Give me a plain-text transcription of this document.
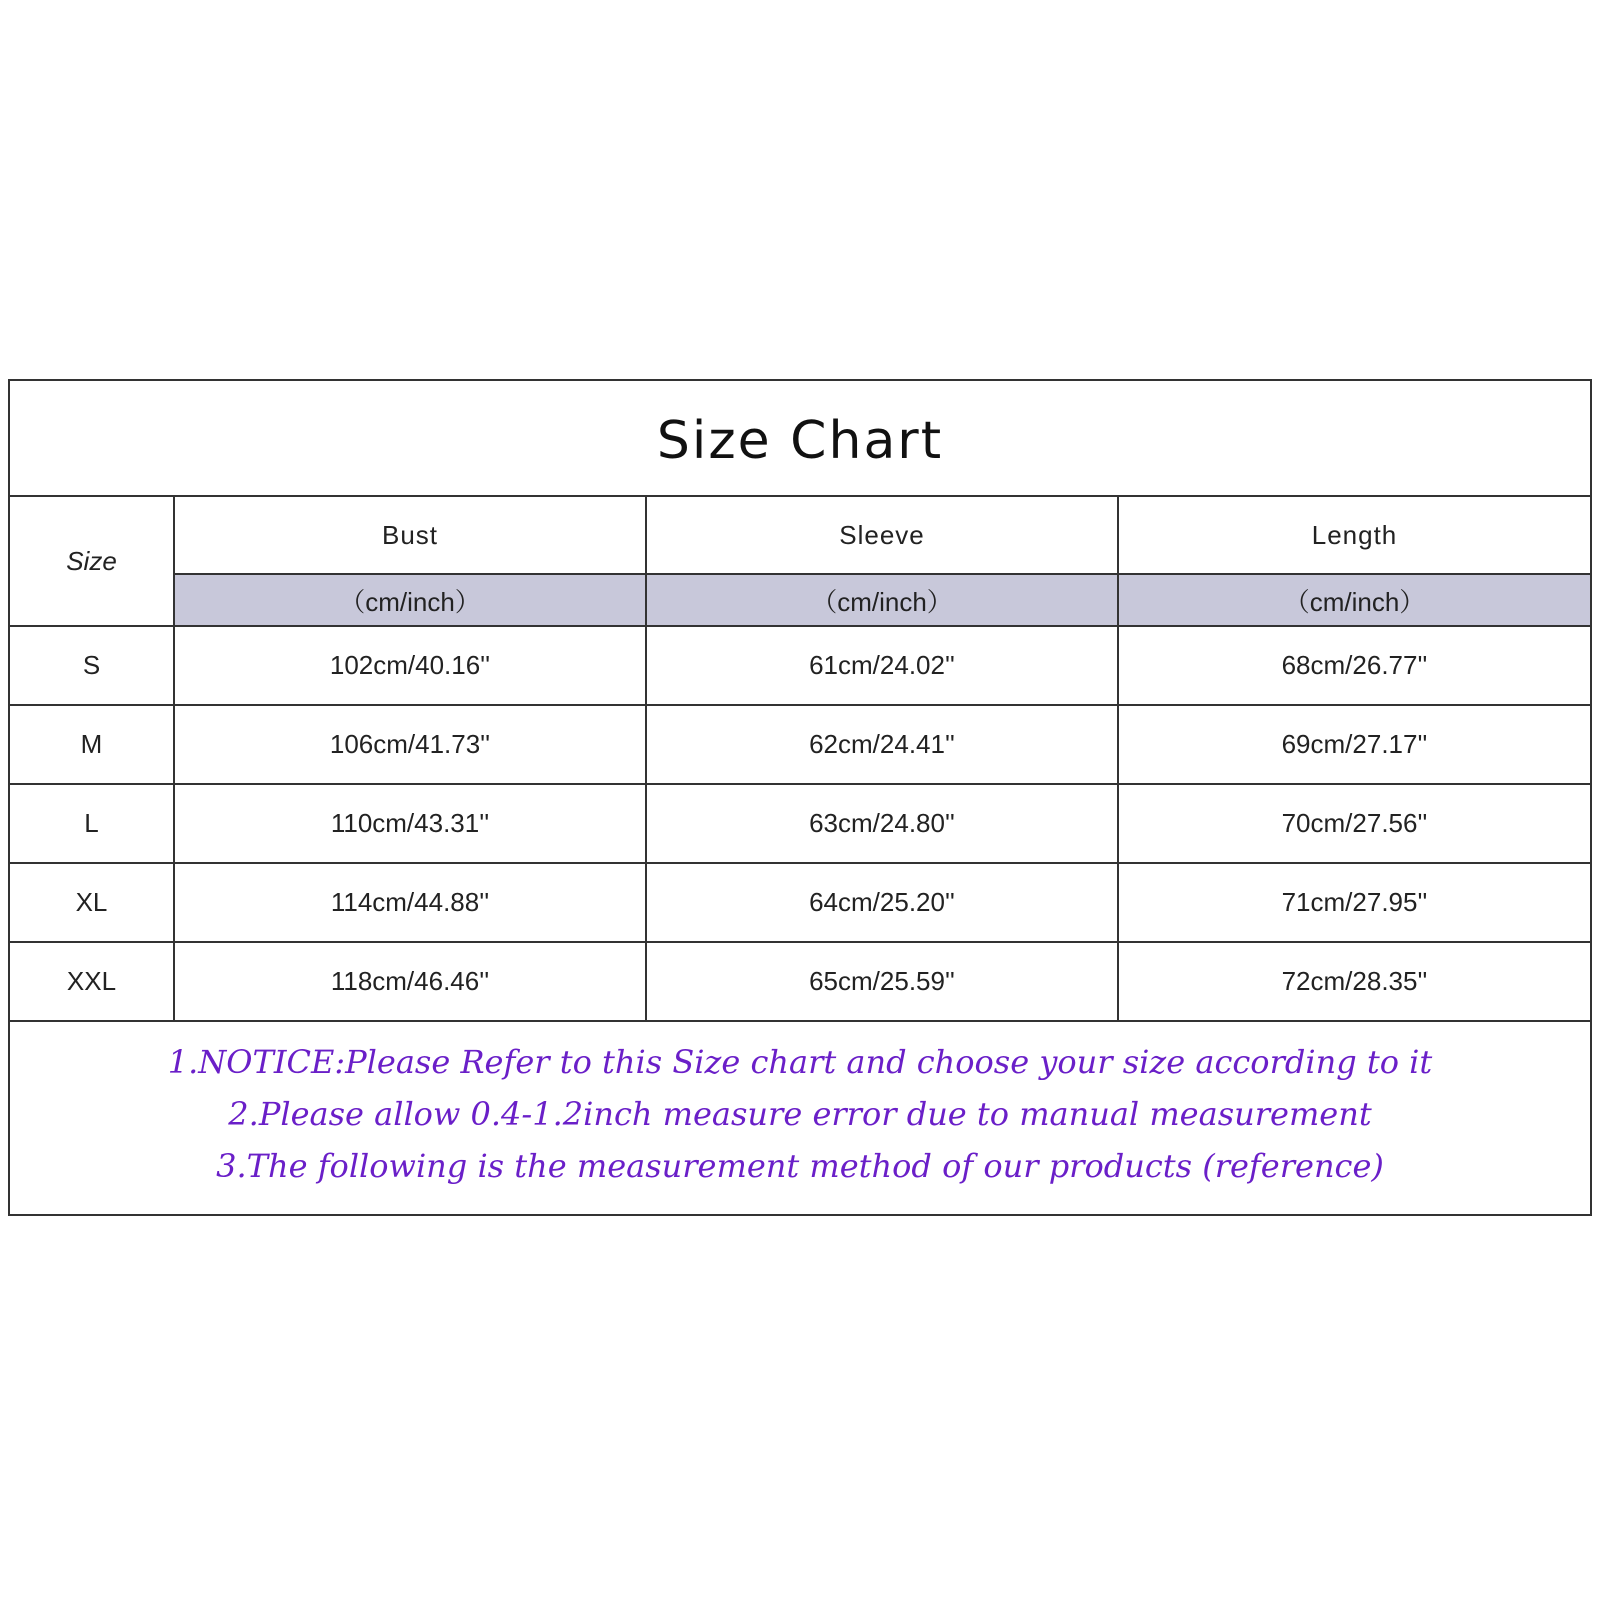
Size Chart
Size	Bust	Sleeve	Length
	（cm/inch）	（cm/inch）	（cm/inch）
S	102cm/40.16''	61cm/24.02''	68cm/26.77''
M	106cm/41.73''	62cm/24.41''	69cm/27.17''
L	110cm/43.31''	63cm/24.80''	70cm/27.56''
XL	114cm/44.88''	64cm/25.20''	71cm/27.95''
XXL	118cm/46.46''	65cm/25.59''	72cm/28.35''
1.NOTICE:Please Refer to this Size chart and choose your size according to it
2.Please allow 0.4-1.2inch measure error due to manual measurement
3.The following is the measurement method of our products (reference)
